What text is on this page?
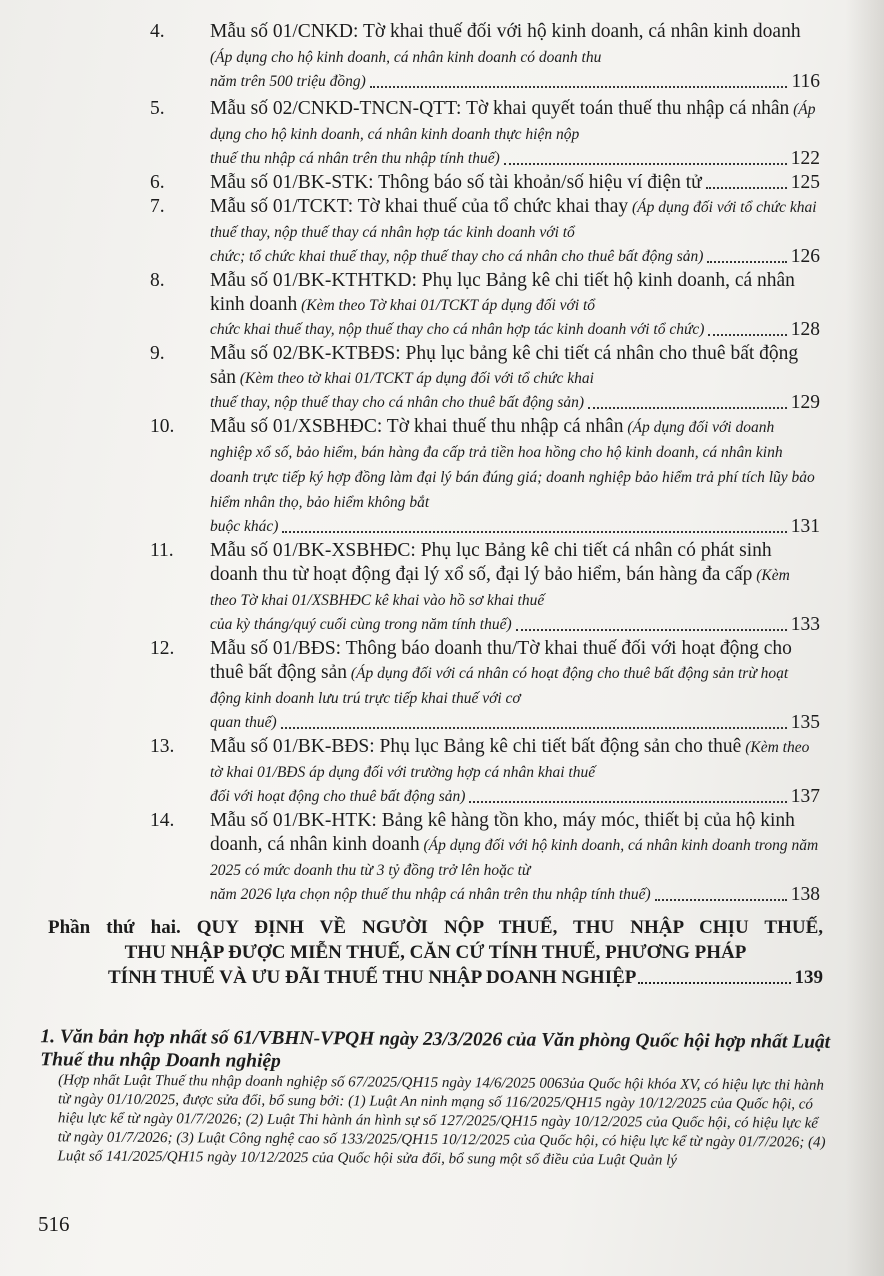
4.	Mẫu số 01/CNKD: Tờ khai thuế đối với hộ kinh doanh, cá nhân kinh doanh (Áp dụng cho hộ kinh doanh, cá nhân kinh doanh có doanh thu
năm trên 500 triệu đồng)	116
5.	Mẫu số 02/CNKD-TNCN-QTT: Tờ khai quyết toán thuế thu nhập cá nhân (Áp dụng cho hộ kinh doanh, cá nhân kinh doanh thực hiện nộp
thuế thu nhập cá nhân trên thu nhập tính thuế)	122
6.	Mẫu số 01/BK-STK: Thông báo số tài khoản/số hiệu ví điện tử	125
7.	Mẫu số 01/TCKT: Tờ khai thuế của tổ chức khai thay (Áp dụng đối với tổ chức khai thuế thay, nộp thuế thay cá nhân hợp tác kinh doanh với tổ
chức; tổ chức khai thuế thay, nộp thuế thay cho cá nhân cho thuê bất động sản)	126
8.	Mẫu số 01/BK-KTHTKD: Phụ lục Bảng kê chi tiết hộ kinh doanh, cá nhân kinh doanh (Kèm theo Tờ khai 01/TCKT áp dụng đối với tổ
chức khai thuế thay, nộp thuế thay cho cá nhân hợp tác kinh doanh với tổ chức)	128
9.	Mẫu số 02/BK-KTBĐS: Phụ lục bảng kê chi tiết cá nhân cho thuê bất động sản (Kèm theo tờ khai 01/TCKT áp dụng đối với tổ chức khai
thuế thay, nộp thuế thay cho cá nhân cho thuê bất động sản)	129
10.	Mẫu số 01/XSBHĐC: Tờ khai thuế thu nhập cá nhân (Áp dụng đối với doanh nghiệp xổ số, bảo hiểm, bán hàng đa cấp trả tiền hoa hồng cho hộ kinh doanh, cá nhân kinh doanh trực tiếp ký hợp đồng làm đại lý bán đúng giá; doanh nghiệp bảo hiểm trả phí tích lũy bảo hiểm nhân thọ, bảo hiểm không bắt
buộc khác)	131
11.	Mẫu số 01/BK-XSBHĐC: Phụ lục Bảng kê chi tiết cá nhân có phát sinh doanh thu từ hoạt động đại lý xổ số, đại lý bảo hiểm, bán hàng đa cấp (Kèm theo Tờ khai 01/XSBHĐC kê khai vào hồ sơ khai thuế
của kỳ tháng/quý cuối cùng trong năm tính thuế)	133
12.	Mẫu số 01/BĐS: Thông báo doanh thu/Tờ khai thuế đối với hoạt động cho thuê bất động sản (Áp dụng đối với cá nhân có hoạt động cho thuê bất động sản trừ hoạt động kinh doanh lưu trú trực tiếp khai thuế với cơ
quan thuế)	135
13.	Mẫu số 01/BK-BĐS: Phụ lục Bảng kê chi tiết bất động sản cho thuê (Kèm theo tờ khai 01/BĐS áp dụng đối với trường hợp cá nhân khai thuế
đối với hoạt động cho thuê bất động sản)	137
14.	Mẫu số 01/BK-HTK: Bảng kê hàng tồn kho, máy móc, thiết bị của hộ kinh doanh, cá nhân kinh doanh (Áp dụng đối với hộ kinh doanh, cá nhân kinh doanh trong năm 2025 có mức doanh thu từ 3 tỷ đồng trở lên hoặc từ
năm 2026 lựa chọn nộp thuế thu nhập cá nhân trên thu nhập tính thuế)	138
Phần thứ hai. QUY ĐỊNH VỀ NGƯỜI NỘP THUẾ, THU NHẬP CHỊU THUẾ,
THU NHẬP ĐƯỢC MIỄN THUẾ, CĂN CỨ TÍNH THUẾ, PHƯƠNG PHÁP
TÍNH THUẾ VÀ ƯU ĐÃI THUẾ THU NHẬP DOANH NGHIỆP	139
1. Văn bản hợp nhất số 61/VBHN-VPQH ngày 23/3/2026 của Văn phòng Quốc hội hợp nhất Luật Thuế thu nhập Doanh nghiệp
(Hợp nhất Luật Thuế thu nhập doanh nghiệp số 67/2025/QH15 ngày 14/6/2025 0063ủa Quốc hội khóa XV, có hiệu lực thi hành từ ngày 01/10/2025, được sửa đổi, bổ sung bởi: (1) Luật An ninh mạng số 116/2025/QH15 ngày 10/12/2025 của Quốc hội, có hiệu lực kể từ ngày 01/7/2026; (2) Luật Thi hành án hình sự số 127/2025/QH15 ngày 10/12/2025 của Quốc hội, có hiệu lực kể từ ngày 01/7/2026; (3) Luật Công nghệ cao số 133/2025/QH15 10/12/2025 của Quốc hội, có hiệu lực kể từ ngày 01/7/2026; (4) Luật số 141/2025/QH15 ngày 10/12/2025 của Quốc hội sửa đổi, bổ sung một số điều của Luật Quản lý
516
